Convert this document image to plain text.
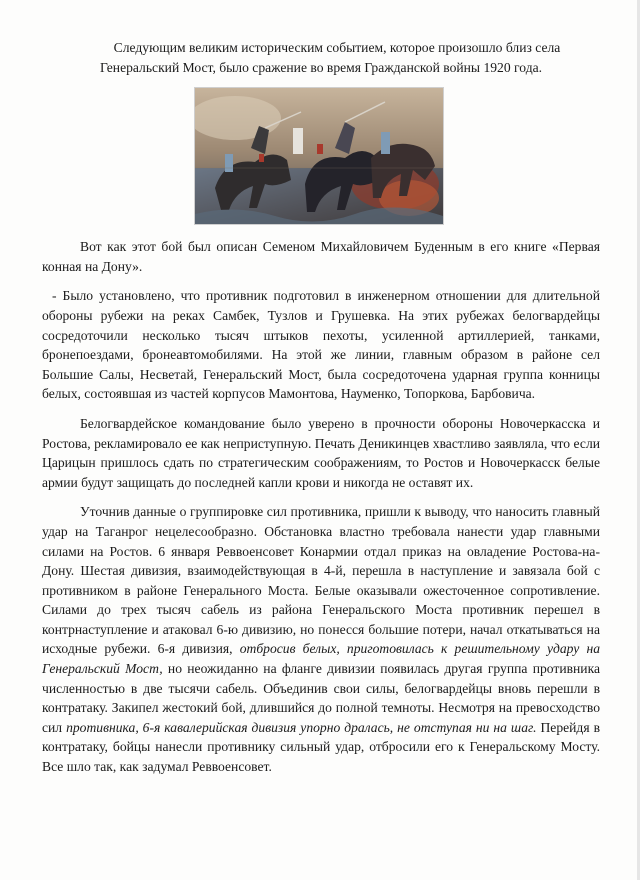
Следующим великим историческим событием, которое произошло близ села Генеральский Мост, было сражение во время Гражданской войны 1920 года.

Вот как этот бой был описан Семеном Михайловичем Буденным в его книге «Первая конная на Дону».

- Было установлено, что противник подготовил в инженерном отношении для длительной обороны рубежи на реках Самбек, Тузлов и Грушевка. На этих рубежах белогвардейцы сосредоточили несколько тысяч штыков пехоты, усиленной артиллерией, танками, бронепоездами, бронеавтомобилями. На этой же линии, главным образом в районе сел Большие Салы, Несветай, Генеральский Мост, была сосредоточена ударная группа конницы белых, состоявшая из частей корпусов Мамонтова, Науменко, Топоркова, Барбовича.

Белогвардейское командование было уверено в прочности обороны Новочеркасска и Ростова, рекламировало ее как неприступную. Печать Деникинцев хвастливо заявляла, что если Царицын пришлось сдать по стратегическим соображениям, то Ростов и Новочеркасск белые армии будут защищать до последней капли крови и никогда не оставят их.

Уточнив данные о группировке сил противника, пришли к выводу, что наносить главный удар на Таганрог нецелесообразно. Обстановка властно требовала нанести удар главными силами на Ростов. 6 января Реввоенсовет Конармии отдал приказ на овладение Ростова-на-Дону. Шестая дивизия, взаимодействующая в 4-й, перешла в наступление и завязала бой с противником в районе Генерального Моста. Белые оказывали ожесточенное сопротивление. Силами до трех тысяч сабель из района Генеральского Моста противник перешел в контрнаступление и атаковал 6-ю дивизию, но понесся большие потери, начал откатываться на исходные рубежи. 6-я дивизия, отбросив белых, приготовилась к решительному удару на Генеральский Мост, но неожиданно на фланге дивизии появилась другая группа противника численностью в две тысячи сабель. Объединив свои силы, белогвардейцы вновь перешли в контратаку. Закипел жестокий бой, длившийся до полной темноты. Несмотря на превосходство сил противника, 6-я кавалерийская дивизия упорно дралась, не отступая ни на шаг. Перейдя в контратаку, бойцы нанесли противнику сильный удар, отбросили его к Генеральскому Мосту. Все шло так, как задумал Реввоенсовет.
